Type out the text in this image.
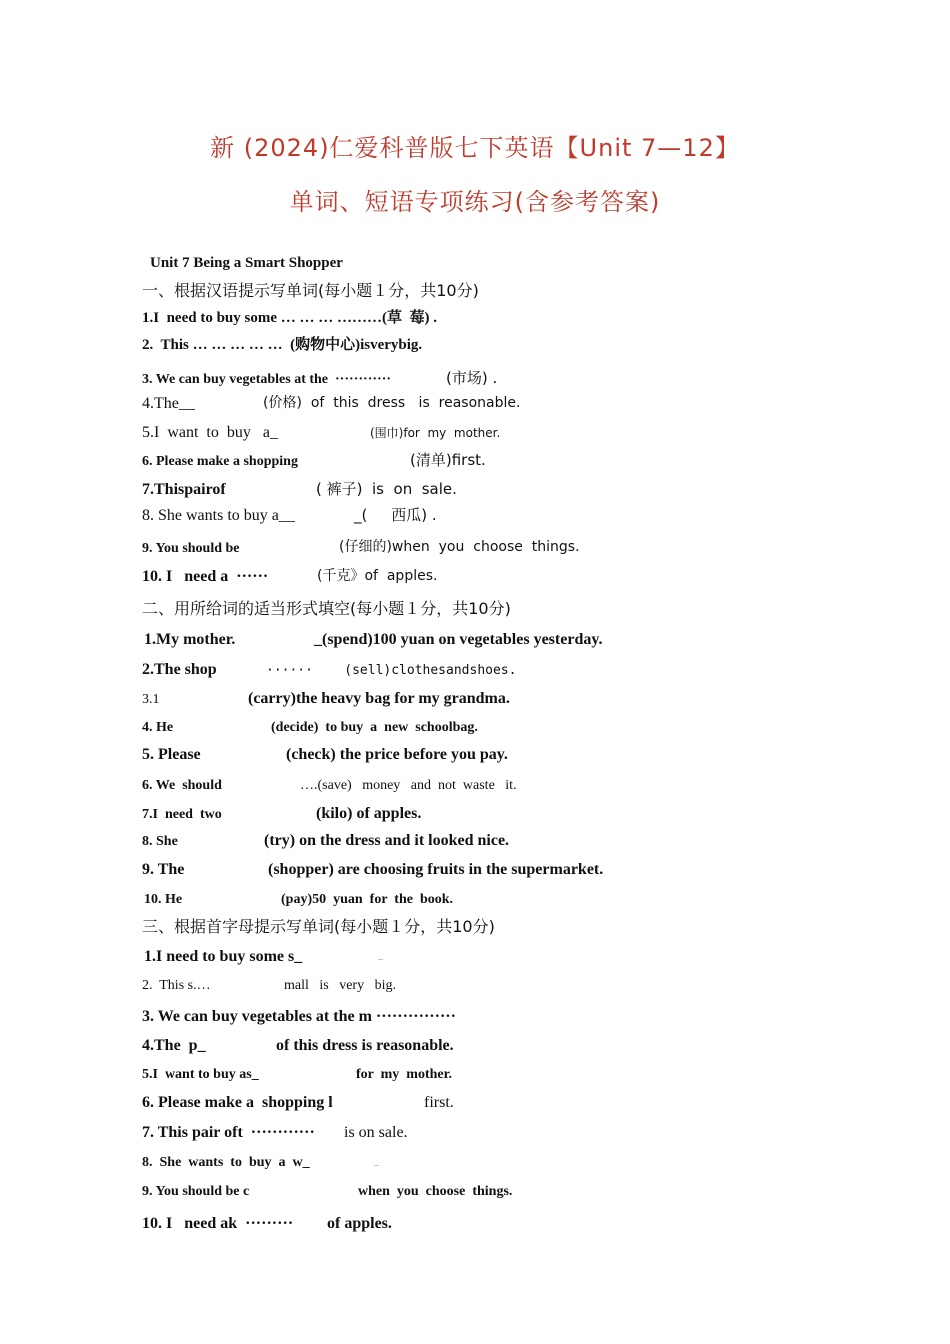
新 (2024)仁爱科普版七下英语【Unit 7—12】
单词、短语专项练习(含参考答案)
Unit 7 Being a Smart Shopper
一、根据汉语提示写单词(每小题１分，共10分)
1.I  need to buy some … … … ………(草  莓) .
2.  This … … … … …  (购物中心)isverybig.

3. We can buy vegetables at the  ············

	(市场) .

4.The__

	(价格)  of  this  dress   is  reasonable.

5.I  want  to  buy   a_

	(围巾)for  my  mother.

6. Please make a shopping

	(清单)first.

7.Thispairof

	( 裤子)  is  on  sale.

8. She wants to buy a__

	_(     西瓜) .

9. You should be

	(仔细的)when  you  choose  things.

10. I   need a  ······

	(千克》of  apples.

二、用所给词的适当形式填空(每小题１分，共10分)

1.My mother.

	_(spend)100 yuan on vegetables yesterday.

2.The shop

	······    (sell)clothesandshoes.

3.1

	(carry)the heavy bag for my grandma.

4. He

	(decide)  to buy  a  new  schoolbag.

5. Please

	(check) the price before you pay.

6. We  should

	….(save)   money   and  not  waste   it.

7.I  need  two

	(kilo) of apples.

8. She

	(try) on the dress and it looked nice.

9. The

	(shopper) are choosing fruits in the supermarket.

10. He

	(pay)50  yuan  for  the  book.

三、根据首字母提示写单词(每小题１分，共10分)

1.I need to buy some s_

	_

2.  This s.…

	mall   is   very   big.

3. We can buy vegetables at the m ···············

4.The  p_

	of this dress is reasonable.

5.I  want to buy as_

	for  my  mother.

6. Please make a  shopping l

	first.

7. This pair oft  ············

is on sale.

8.  She  wants  to  buy  a  w_

	_

9. You should be c

	when  you  choose  things.

10. I   need ak  ·········

of apples.
